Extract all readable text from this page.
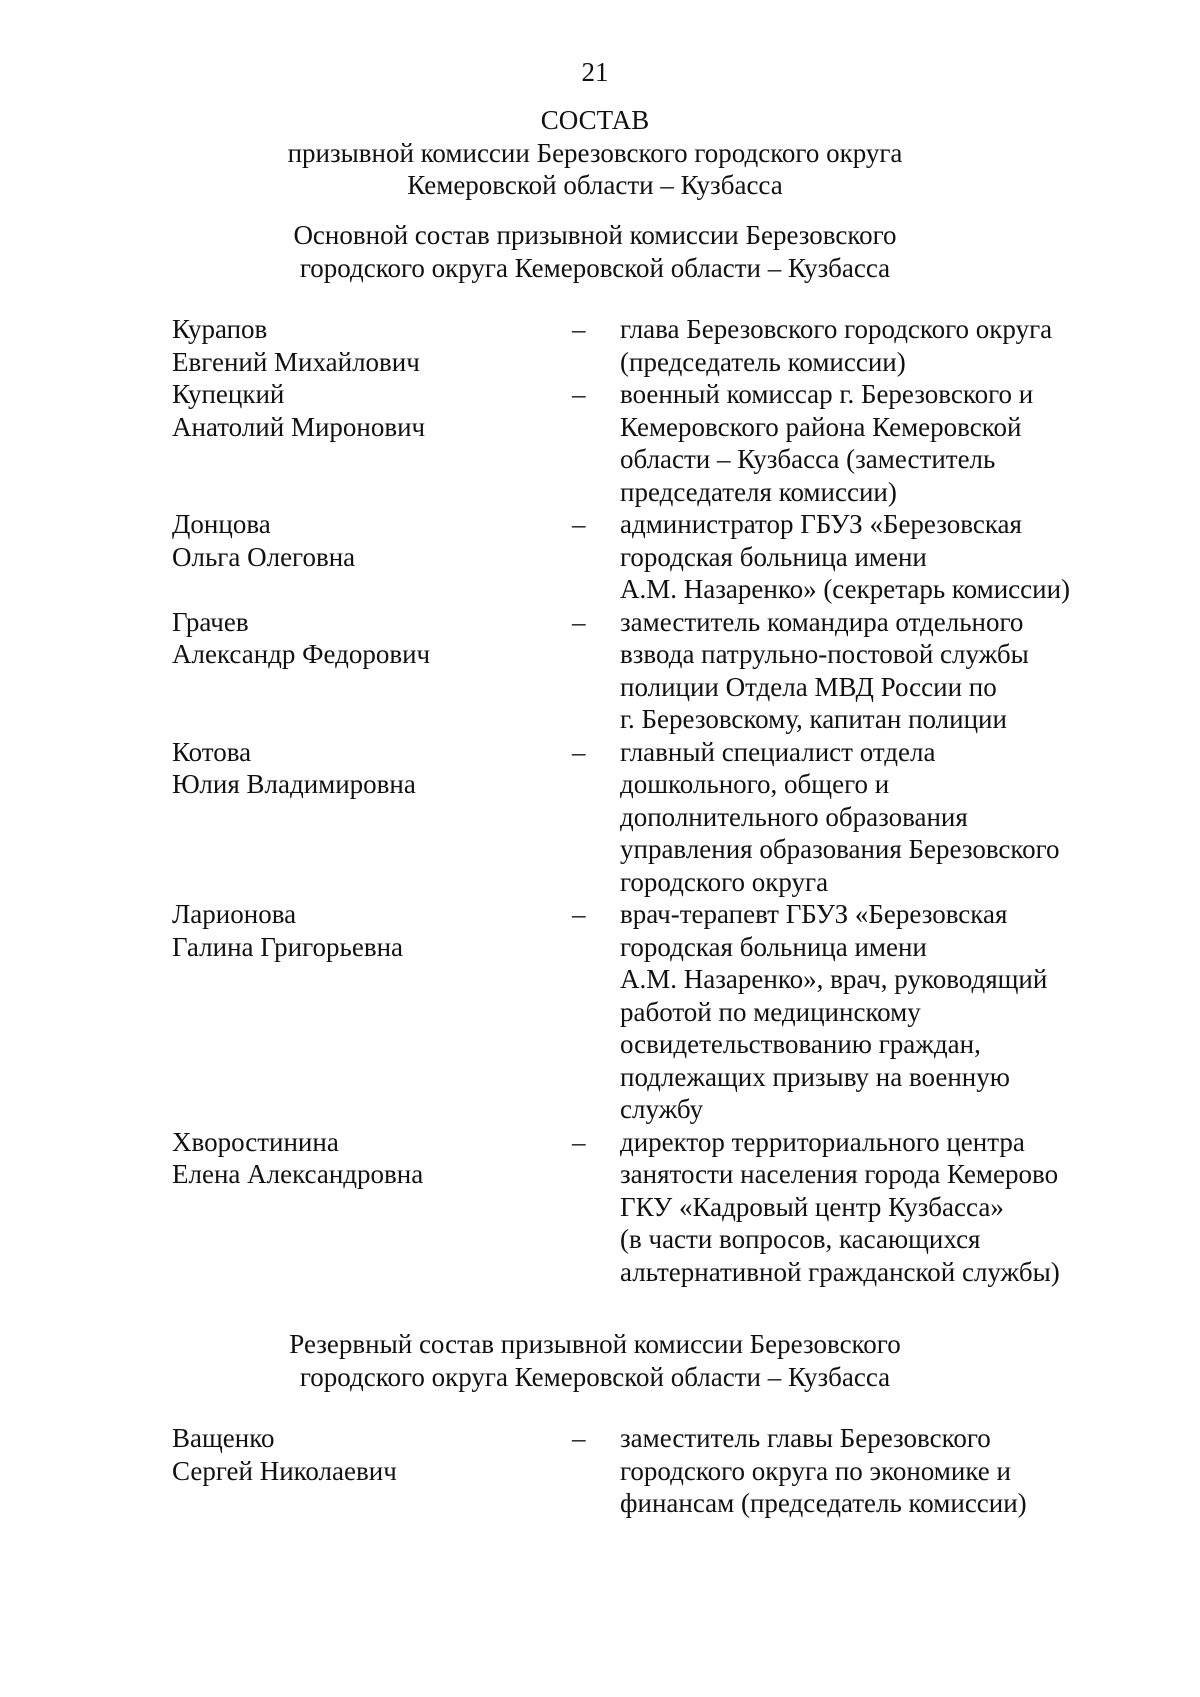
21
СОСТАВ
призывной комиссии Березовского городского округа
Кемеровской области – Кузбасса
Основной состав призывной комиссии Березовского
городского округа Кемеровской области – Кузбасса
Курапов
Евгений Михайлович
–	глава Березовского городского округа
(председатель комиссии)
Купецкий
Анатолий Миронович
–	военный комиссар г. Березовского и
Кемеровского района Кемеровской
области – Кузбасса (заместитель
председателя комиссии)
Донцова
Ольга Олеговна
–	администратор ГБУЗ «Березовская
городская больница имени
А.М. Назаренко» (секретарь комиссии)
Грачев
Александр Федорович
–	заместитель командира отдельного
взвода патрульно-постовой службы
полиции Отдела МВД России по
г. Березовскому, капитан полиции
Котова
Юлия Владимировна
–	главный специалист отдела
дошкольного, общего и
дополнительного образования
управления образования Березовского
городского округа
Ларионова
Галина Григорьевна
–	врач-терапевт ГБУЗ «Березовская
городская больница имени
А.М. Назаренко», врач, руководящий
работой по медицинскому
освидетельствованию граждан,
подлежащих призыву на военную
службу
Хворостинина
Елена Александровна
–	директор территориального центра
занятости населения города Кемерово
ГКУ «Кадровый центр Кузбасса»
(в части вопросов, касающихся
альтернативной гражданской службы)
Резервный состав призывной комиссии Березовского
городского округа Кемеровской области – Кузбасса
Ващенко
Сергей Николаевич
–	заместитель главы Березовского
городского округа по экономике и
финансам (председатель комиссии)
